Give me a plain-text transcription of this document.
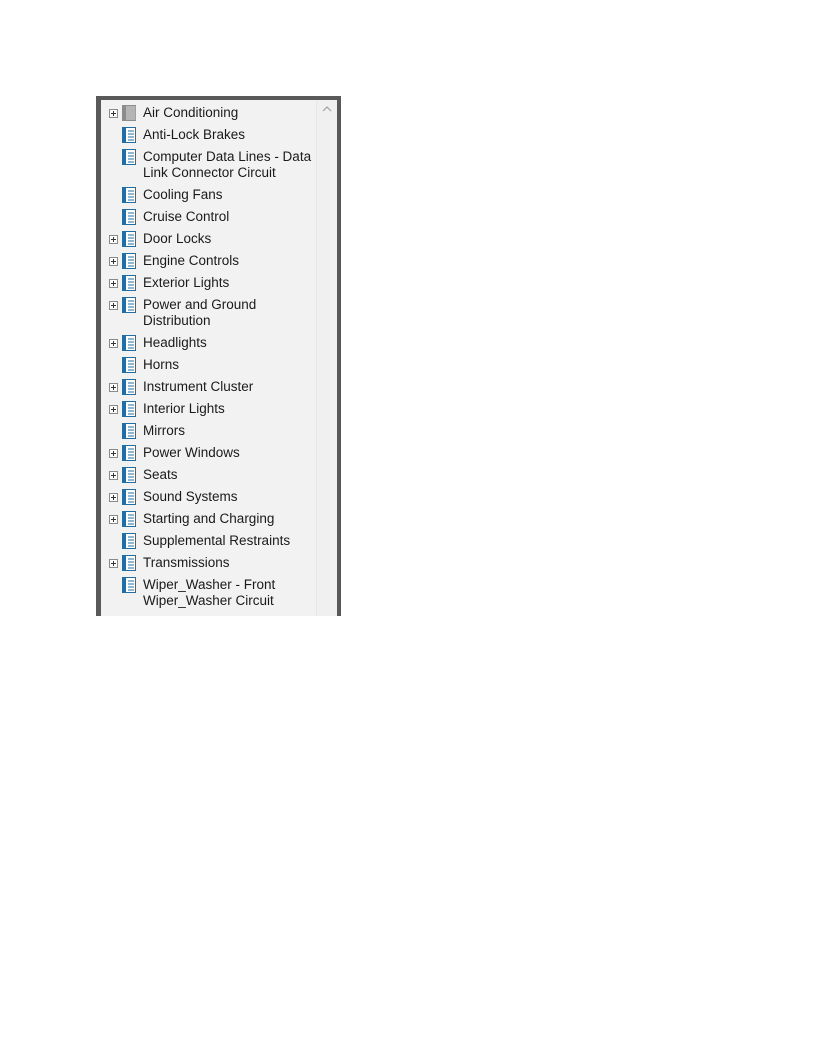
Air Conditioning
Anti-Lock Brakes
Computer Data Lines - Data Link Connector Circuit
Cooling Fans
Cruise Control
Door Locks
Engine Controls
Exterior Lights
Power and Ground Distribution
Headlights
Horns
Instrument Cluster
Interior Lights
Mirrors
Power Windows
Seats
Sound Systems
Starting and Charging
Supplemental Restraints
Transmissions
Wiper_Washer - Front Wiper_Washer Circuit
